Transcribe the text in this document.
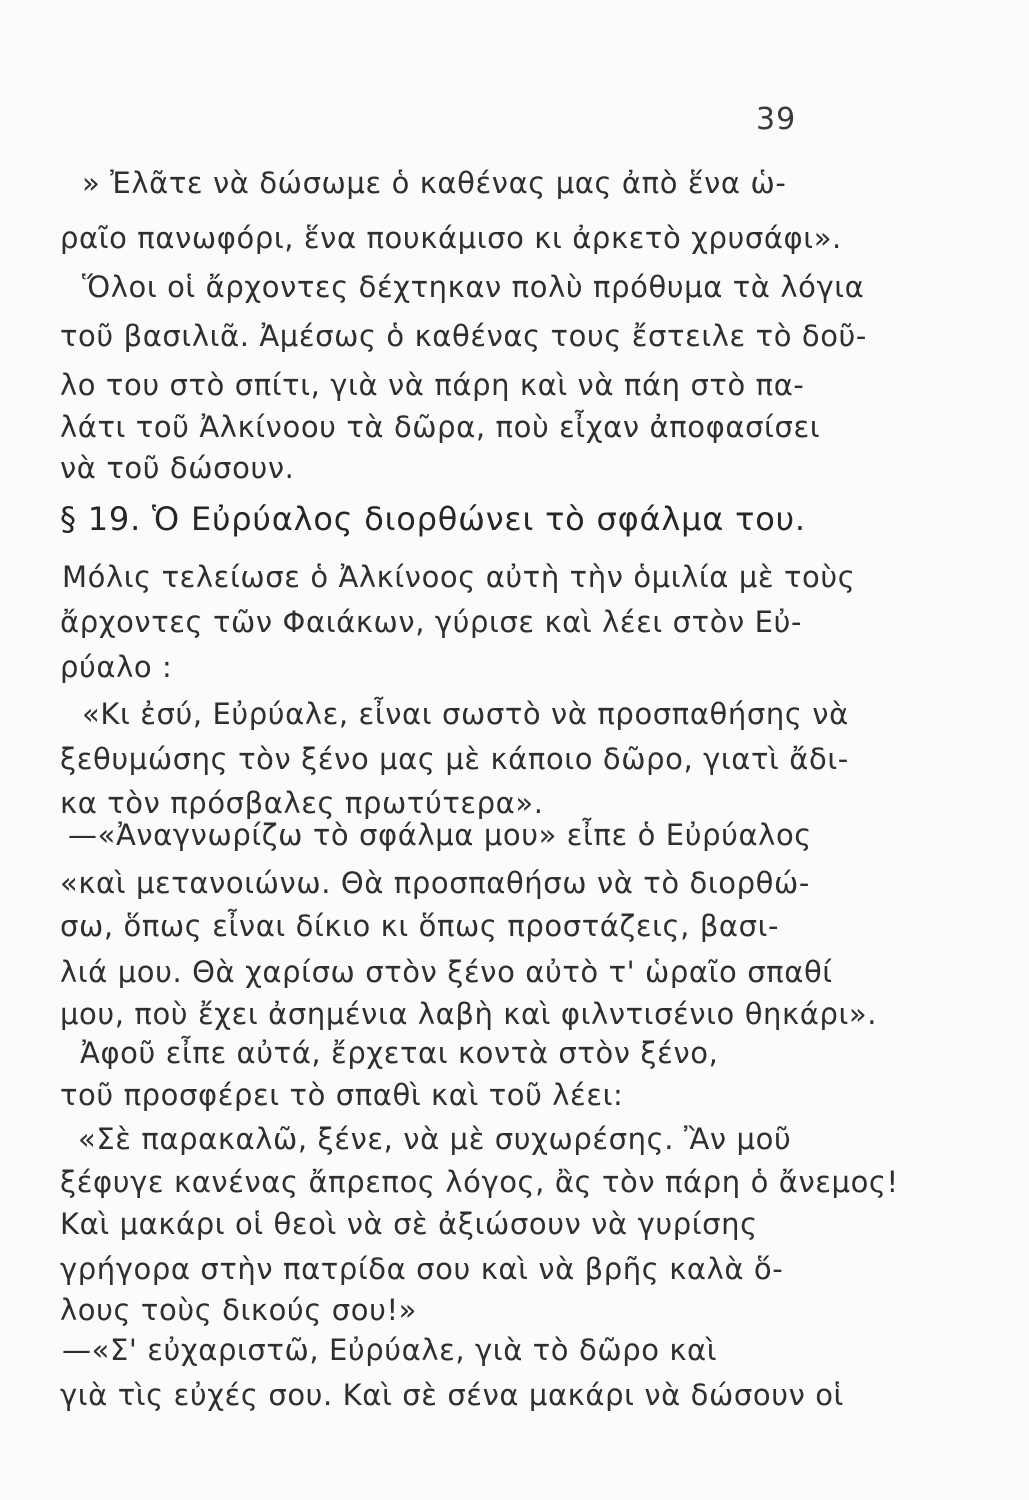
39
» Ἐλᾶτε νὰ δώσωμε ὁ καθένας μας ἀπὸ ἕνα ὡ-
ραῖο πανωφόρι, ἕνα πουκάμισο κι ἀρκετὸ χρυσάφι».
Ὅλοι οἱ ἄρχοντες δέχτηκαν πολὺ πρόθυμα τὰ λόγια
τοῦ βασιλιᾶ. Ἀμέσως ὁ καθένας τους ἔστειλε τὸ δοῦ-
λο του στὸ σπίτι, γιὰ νὰ πάρη καὶ νὰ πάη στὸ πα-
λάτι τοῦ Ἀλκίνοου τὰ δῶρα, ποὺ εἶχαν ἀποφασίσει
νὰ τοῦ δώσουν.
§ 19. Ὁ Εὐρύαλος διορθώνει τὸ σφάλμα του.
Μόλις τελείωσε ὁ Ἀλκίνοος αὐτὴ τὴν ὁμιλία μὲ τοὺς
ἄρχοντες τῶν Φαιάκων, γύρισε καὶ λέει στὸν Εὐ-
ρύαλο :
«Κι ἐσύ, Εὐρύαλε, εἶναι σωστὸ νὰ προσπαθήσης νὰ
ξεθυμώσης τὸν ξένο μας μὲ κάποιο δῶρο, γιατὶ ἄδι-
κα τὸν πρόσβαλες πρωτύτερα».
—«Ἀναγνωρίζω τὸ σφάλμα μου» εἶπε ὁ Εὐρύαλος
«καὶ μετανοιώνω. Θὰ προσπαθήσω νὰ τὸ διορθώ-
σω, ὅπως εἶναι δίκιο κι ὅπως προστάζεις, βασι-
λιά μου. Θὰ χαρίσω στὸν ξένο αὐτὸ τ' ὡραῖο σπαθί
μου, ποὺ ἔχει ἀσημένια λαβὴ καὶ φιλντισένιο θηκάρι».
Ἀφοῦ εἶπε αὐτά, ἔρχεται κοντὰ στὸν ξένο,
τοῦ προσφέρει τὸ σπαθὶ καὶ τοῦ λέει:
«Σὲ παρακαλῶ, ξένε, νὰ μὲ συχωρέσης. Ἂν μοῦ
ξέφυγε κανένας ἄπρεπος λόγος, ἂς τὸν πάρη ὁ ἄνεμος!
Καὶ μακάρι οἱ θεοὶ νὰ σὲ ἀξιώσουν νὰ γυρίσης
γρήγορα στὴν πατρίδα σου καὶ νὰ βρῆς καλὰ ὅ-
λους τοὺς δικούς σου!»
—«Σ' εὐχαριστῶ, Εὐρύαλε, γιὰ τὸ δῶρο καὶ
γιὰ τὶς εὐχές σου. Καὶ σὲ σένα μακάρι νὰ δώσουν οἱ
